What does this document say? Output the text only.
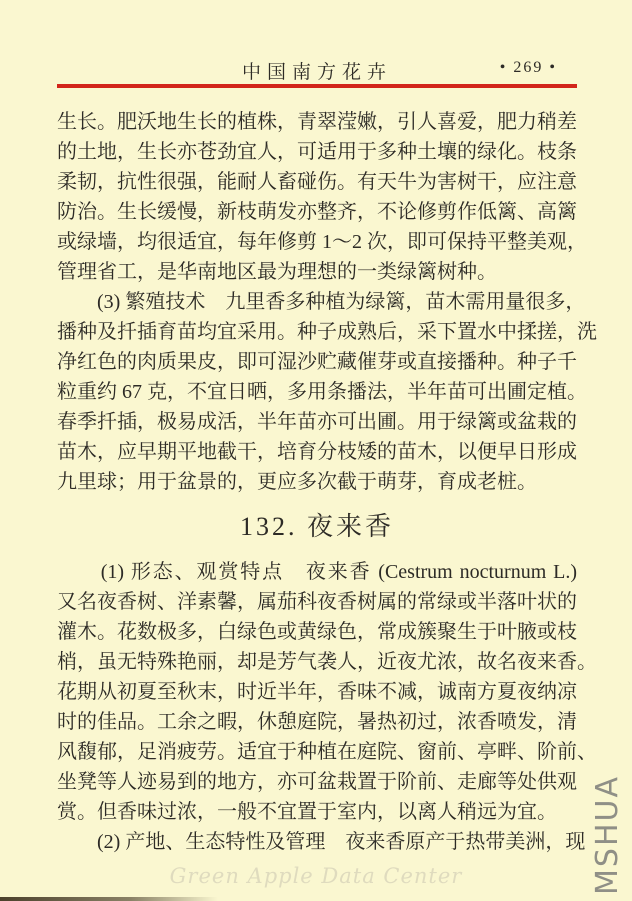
中国南方花卉	• 269 •
生长。肥沃地生长的植株，青翠滢嫩，引人喜爱，肥力稍差
的土地，生长亦苍劲宜人，可适用于多种土壤的绿化。枝条
柔韧，抗性很强，能耐人畜碰伤。有天牛为害树干，应注意
防治。生长缓慢，新枝萌发亦整齐，不论修剪作低篱、高篱
或绿墙，均很适宜，每年修剪 1～2 次，即可保持平整美观，
管理省工，是华南地区最为理想的一类绿篱树种。
　　(3) 繁殖技术　九里香多种植为绿篱，苗木需用量很多，
播种及扦插育苗均宜采用。种子成熟后，采下置水中揉搓，洗
净红色的肉质果皮，即可湿沙贮藏催芽或直接播种。种子千
粒重约 67 克，不宜日晒，多用条播法，半年苗可出圃定植。
春季扦插，极易成活，半年苗亦可出圃。用于绿篱或盆栽的
苗木，应早期平地截干，培育分枝矮的苗木，以便早日形成
九里球；用于盆景的，更应多次截于萌芽，育成老桩。
132. 夜来香
　　(1) 形态、观赏特点　夜来香 (Cestrum nocturnum L.)
又名夜香树、洋素馨，属茄科夜香树属的常绿或半落叶状的
灌木。花数极多，白绿色或黄绿色，常成簇聚生于叶腋或枝
梢，虽无特殊艳丽，却是芳气袭人，近夜尤浓，故名夜来香。
花期从初夏至秋末，时近半年，香味不减，诚南方夏夜纳凉
时的佳品。工余之暇，休憩庭院，暑热初过，浓香喷发，清
风馥郁，足消疲劳。适宜于种植在庭院、窗前、亭畔、阶前、
坐凳等人迹易到的地方，亦可盆栽置于阶前、走廊等处供观
赏。但香味过浓，一般不宜置于室内，以离人稍远为宜。
　　(2) 产地、生态特性及管理　夜来香原产于热带美洲，现
Green Apple Data Center	MSHUA
